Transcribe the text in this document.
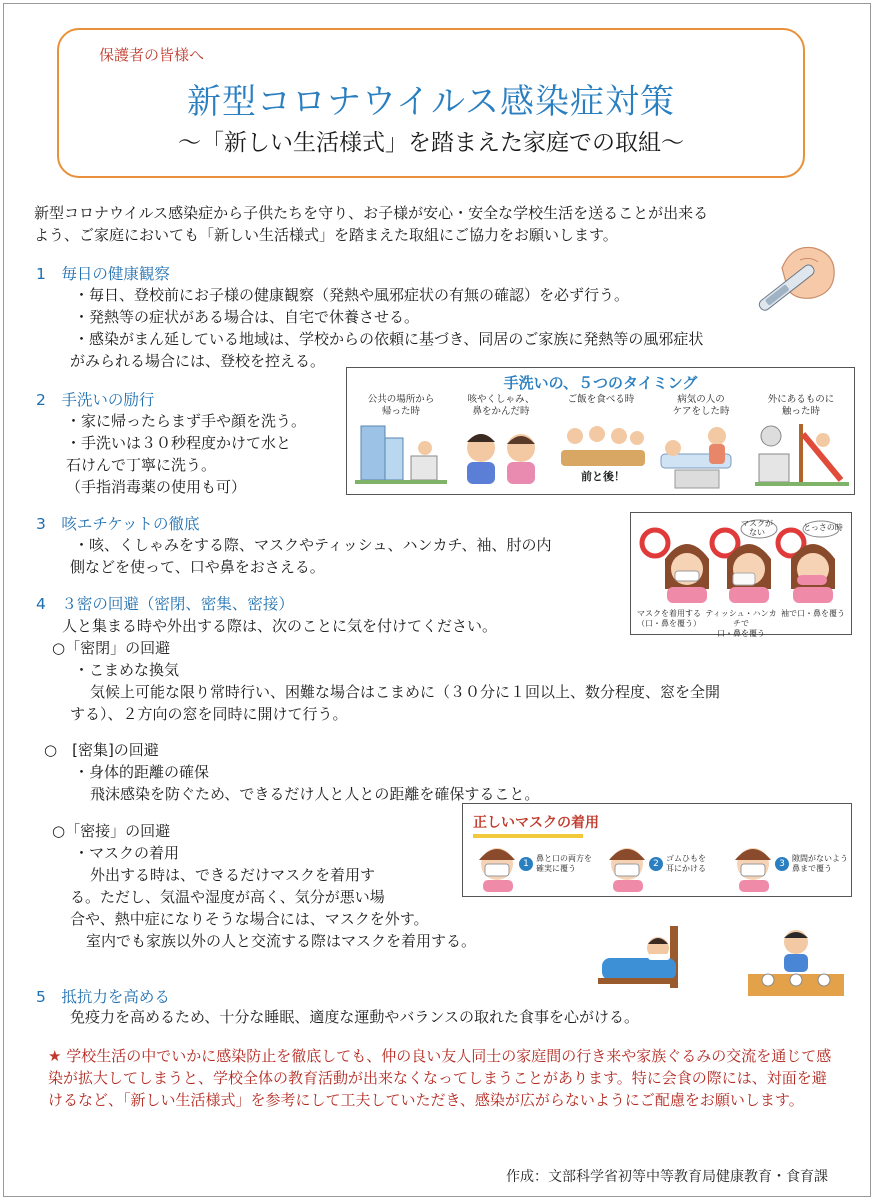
保護者の皆様へ
新型コロナウイルス感染症対策
～「新しい生活様式」を踏まえた家庭での取組～
新型コロナウイルス感染症から子供たちを守り、お子様が安心・安全な学校生活を送ることが出来る
よう、ご家庭においても「新しい生活様式」を踏まえた取組にご協力をお願いします。
1　毎日の健康観察
・毎日、登校前にお子様の健康観察（発熱や風邪症状の有無の確認）を必ず行う。
・発熱等の症状がある場合は、自宅で休養させる。
・感染がまん延している地域は、学校からの依頼に基づき、同居のご家族に発熱等の風邪症状
がみられる場合には、登校を控える。
2　手洗いの励行
・家に帰ったらまず手や顔を洗う。
・手洗いは３０秒程度かけて水と
石けんで丁寧に洗う。
（手指消毒薬の使用も可）
3　咳エチケットの徹底
・咳、くしゃみをする際、マスクやティッシュ、ハンカチ、袖、肘の内
側などを使って、口や鼻をおさえる。
4　３密の回避（密閉、密集、密接）
人と集まる時や外出する際は、次のことに気を付けてください。
○「密閉」の回避
・こまめな換気
気候上可能な限り常時行い、困難な場合はこまめに（３０分に１回以上、数分程度、窓を全開
する）、２方向の窓を同時に開けて行う。
○　[密集]の回避
・身体的距離の確保
飛沫感染を防ぐため、できるだけ人と人との距離を確保すること。
○「密接」の回避
・マスクの着用
外出する時は、できるだけマスクを着用す
る。ただし、気温や湿度が高く、気分が悪い場
合や、熱中症になりそうな場合には、マスクを外す。
室内でも家族以外の人と交流する際はマスクを着用する。
手洗いの、５つのタイミング
公共の場所から
帰った時
咳やくしゃみ、
鼻をかんだ時
ご飯を食べる時	病気の人の
ケアをした時
外にあるものに
触った時
前と後！
マスクが
ない
とっさの時
マスクを着用する
（口・鼻を覆う）
ティッシュ・ハンカチで
口・鼻を覆う
袖で口・鼻を覆う
正しいマスクの着用
1
鼻と口の両方を
確実に覆う	2
ゴムひもを
耳にかける	3
隙間がないよう
鼻まで覆う
5　抵抗力を高める
免疫力を高めるため、十分な睡眠、適度な運動やバランスの取れた食事を心がける。
★ 学校生活の中でいかに感染防止を徹底しても、仲の良い友人同士の家庭間の行き来や家族ぐるみの交流を通じて感染が拡大してしまうと、学校全体の教育活動が出来なくなってしまうことがあります。特に会食の際には、対面を避けるなど、「新しい生活様式」を参考にして工夫していただき、感染が広がらないようにご配慮をお願いします。
作成：文部科学省初等中等教育局健康教育・食育課
